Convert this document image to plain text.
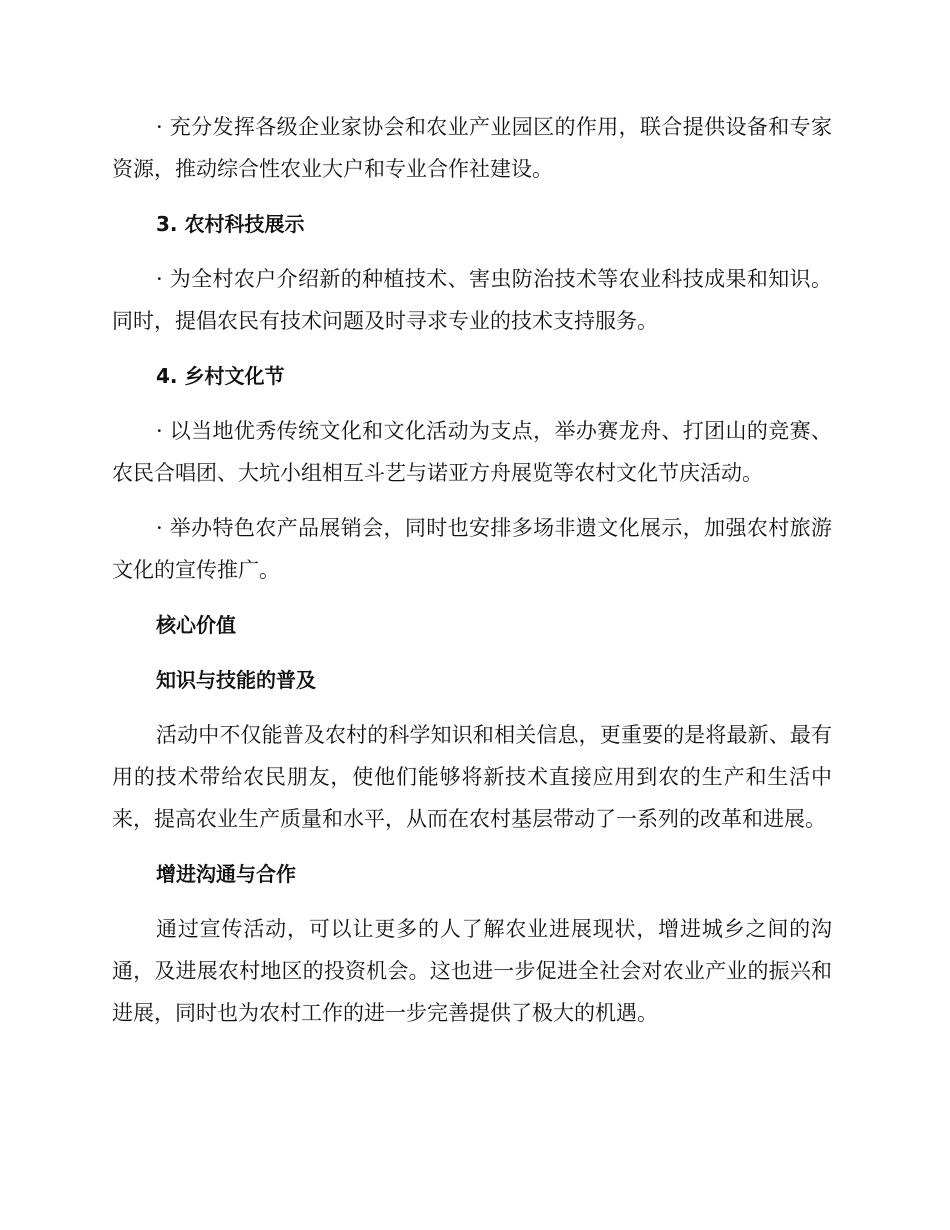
· 充分发挥各级企业家协会和农业产业园区的作用，联合提供设备和专家资源，推动综合性农业大户和专业合作社建设。

3. 农村科技展示

· 为全村农户介绍新的种植技术、害虫防治技术等农业科技成果和知识。同时，提倡农民有技术问题及时寻求专业的技术支持服务。

4. 乡村文化节

· 以当地优秀传统文化和文化活动为支点，举办赛龙舟、打团山的竞赛、农民合唱团、大坑小组相互斗艺与诺亚方舟展览等农村文化节庆活动。

· 举办特色农产品展销会，同时也安排多场非遗文化展示，加强农村旅游文化的宣传推广。

核心价值
知识与技能的普及

活动中不仅能普及农村的科学知识和相关信息，更重要的是将最新、最有用的技术带给农民朋友，使他们能够将新技术直接应用到农的生产和生活中来，提高农业生产质量和水平，从而在农村基层带动了一系列的改革和进展。

增进沟通与合作

通过宣传活动，可以让更多的人了解农业进展现状，增进城乡之间的沟通，及进展农村地区的投资机会。这也进一步促进全社会对农业产业的振兴和进展，同时也为农村工作的进一步完善提供了极大的机遇。
